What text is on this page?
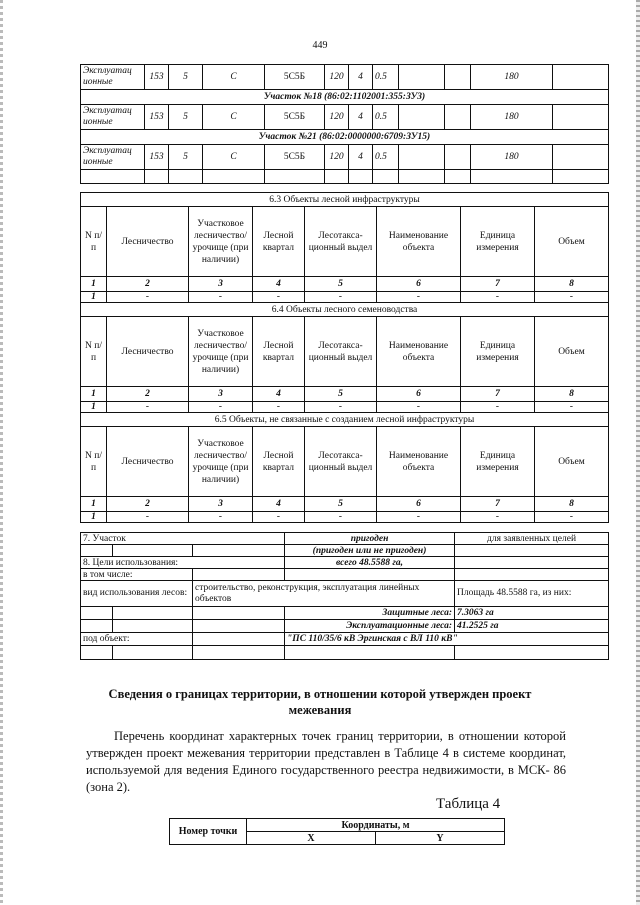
449
Эксплуатац ионные	153	5	С	5С5Б	120	4	0.5			180	
Участок №18 (86:02:1102001:355:ЗУ3)											
Эксплуатац ионные	153	5	С	5С5Б	120	4	0.5			180	
Участок №21 (86:02:0000000:6709:ЗУ15)											
Эксплуатац ионные	153	5	С	5С5Б	120	4	0.5			180	

6.3 Объекты лесной инфраструктуры							
N п/п	Лесничество	Участковое лесничество/ урочище (при наличии)	Лесной квартал	Лесотакса-ционный выдел	Наименование объекта	Единица измерения	Объем
1	2	3	4	5	6	7	8
1	-	-	-	-	-	-	-
6.4 Объекты лесного семеноводства							
N п/п	Лесничество	Участковое лесничество/ урочище (при наличии)	Лесной квартал	Лесотакса-ционный выдел	Наименование объекта	Единица измерения	Объем
1	2	3	4	5	6	7	8
1	-	-	-	-	-	-	-
6.5 Объекты, не связанные с созданием лесной инфраструктуры							
N п/п	Лесничество	Участковое лесничество/ урочище (при наличии)	Лесной квартал	Лесотакса-ционный выдел	Наименование объекта	Единица измерения	Объем
1	2	3	4	5	6	7	8
1	-	-	-	-	-	-	-
7. Участок			пригоден	для заявленных целей
			(пригоден или не пригоден)	
8. Цели использования:			всего 48.5588 га,	
в том числе:				
вид использования лесов:		строительство, реконструкция, эксплуатация линейных объектов		Площадь 48.5588 га, из них:
			Защитные леса:	7.3063 га
			Эксплуатационные леса:	41.2525 га
под объект:			"ПС 110/35/6 кВ Эргинская с ВЛ 110 кВ"	

Сведения о границах территории, в отношении которой утвержден проект межевания
Перечень координат характерных точек границ территории, в отношении которой утвержден проект межевания территории представлен в Таблице 4 в системе координат, используемой для ведения Единого государственного реестра недвижимости, в МСК- 86 (зона 2).
Таблица 4
Номер точки	Координаты, м	
	X	Y
